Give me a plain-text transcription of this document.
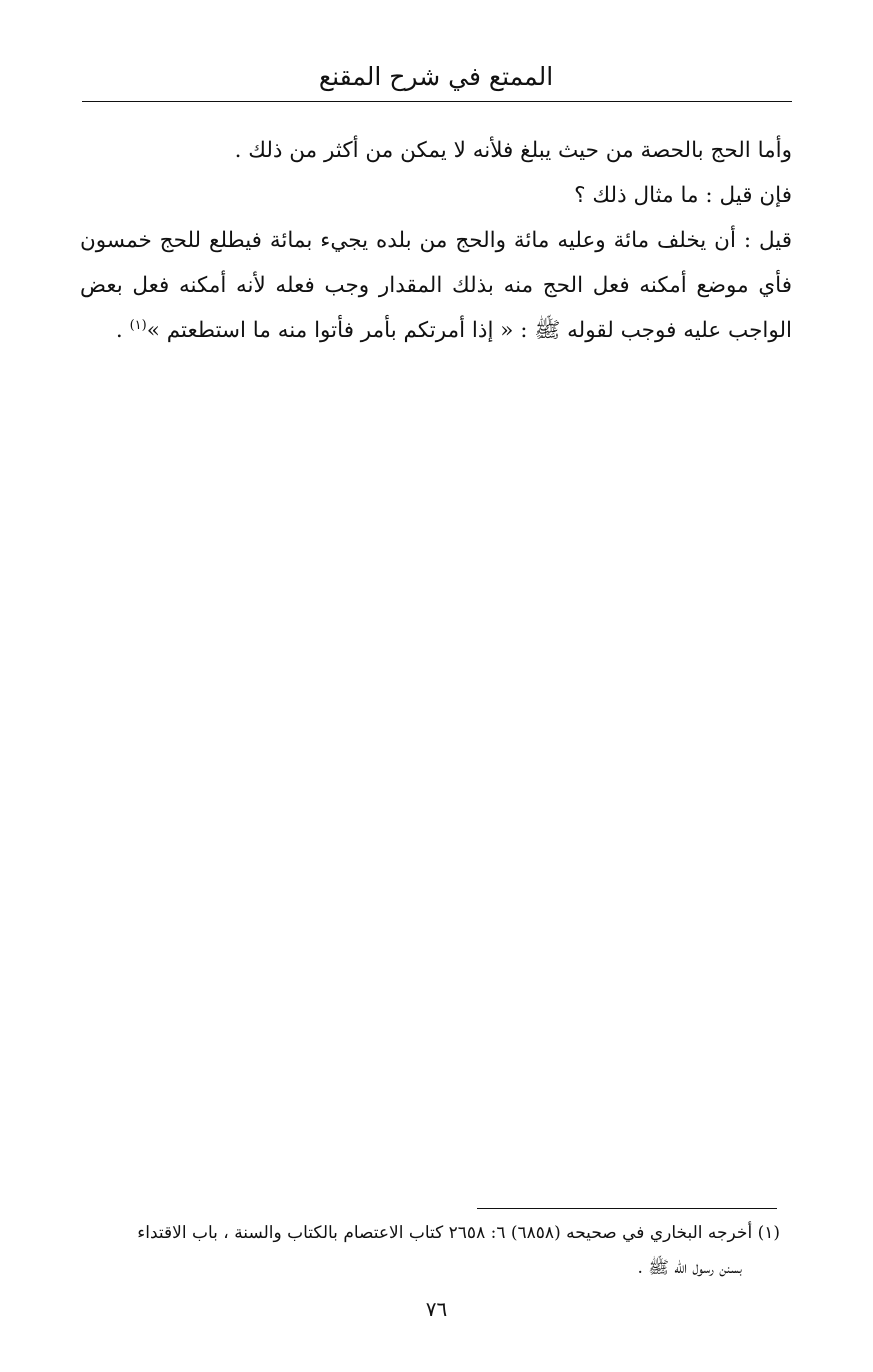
الممتع في شرح المقنع

وأما الحج بالحصة من حيث يبلغ فلأنه لا يمكن من أكثر من ذلك .

فإن قيل : ما مثال ذلك ؟

قيل : أن يخلف مائة وعليه مائة والحج من بلده يجيء بمائة فيطلع للحج خمسون فأي موضع أمكنه فعل الحج منه بذلك المقدار وجب فعله لأنه أمكنه فعل بعض الواجب عليه فوجب لقوله ﷺ : « إذا أمرتكم بأمر فأتوا منه ما استطعتم »$^{(١)}$ .

(١) أخرجه البخاري في صحيحه (٦٨٥٨) ٦: ٢٦٥٨ كتاب الاعتصام بالكتاب والسنة ، باب الاقتداء

بسنن رسول الله ﷺ .

٧٦
